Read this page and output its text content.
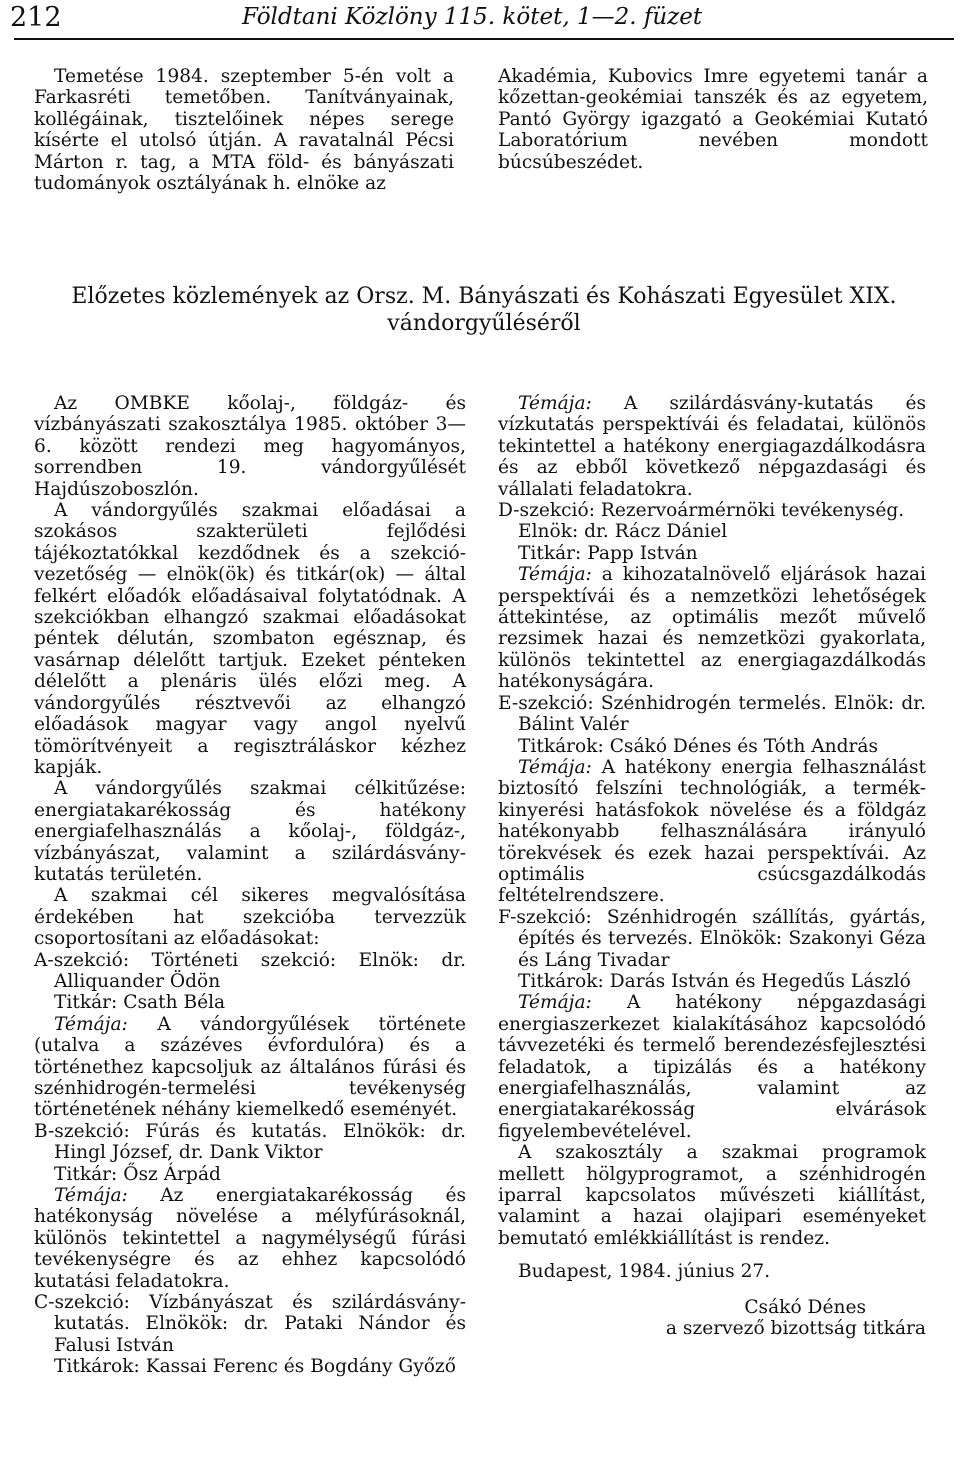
212	Földtani Közlöny 115. kötet, 1—2. füzet
Temetése 1984. szeptember 5-én volt a Farkasréti temetőben. Tanítványainak, kollégáinak, tisztelőinek népes serege kísérte el utolsó útján. A ravatalnál Pécsi Márton r. tag, a MTA föld- és bányászati tudományok osztályának h. elnöke az
Akadémia, Kubovics Imre egyetemi tanár a kőzettan-geokémiai tanszék és az egyetem, Pantó György igazgató a Geokémiai Kutató Laboratórium nevében mondott búcsúbeszédet.
Előzetes közlemények az Orsz. M. Bányászati és Kohászati Egyesület XIX.
vándorgyűléséről

Az OMBKE kőolaj-, földgáz- és vízbányászati szakosztálya 1985. október 3—6. között rendezi meg hagyományos, sorrendben 19. vándorgyűlését Hajdúszoboszlón.

A vándorgyűlés szakmai előadásai a szokásos szakterületi fejlődési tájékoztatókkal kezdődnek és a szekció-vezetőség — elnök(ök) és titkár(ok) — által felkért előadók előadásaival folytatódnak. A szekciókban elhangzó szakmai előadásokat péntek délután, szombaton egésznap, és vasárnap délelőtt tartjuk. Ezeket pénteken délelőtt a plenáris ülés előzi meg. A vándorgyűlés résztvevői az elhangzó előadások magyar vagy angol nyelvű tömörítvényeit a regisztráláskor kézhez kapják.

A vándorgyűlés szakmai célkitűzése: energiatakarékosság és hatékony energiafelhasználás a kőolaj-, földgáz-, vízbányászat, valamint a szilárdásvány-kutatás területén.

A szakmai cél sikeres megvalósítása érdekében hat szekcióba tervezzük csoportosítani az előadásokat:

A-szekció: Történeti szekció: Elnök: dr. Alliquander Ödön

Titkár: Csath Béla

Témája: A vándorgyűlések története (utalva a százéves évfordulóra) és a történethez kapcsoljuk az általános fúrási és szénhidrogén-termelési tevékenység történetének néhány kiemelkedő eseményét.

B-szekció: Fúrás és kutatás. Elnökök: dr. Hingl József, dr. Dank Viktor

Titkár: Ősz Árpád

Témája: Az energiatakarékosság és hatékonyság növelése a mélyfúrásoknál, különös tekintettel a nagymélységű fúrási tevékenységre és az ehhez kapcsolódó kutatási feladatokra.

C-szekció: Vízbányászat és szilárdásvány-kutatás. Elnökök: dr. Pataki Nándor és Falusi István

Titkárok: Kassai Ferenc és Bogdány Győző

Témája: A szilárdásvány-kutatás és vízkutatás perspektívái és feladatai, különös tekintettel a hatékony energiagazdálkodásra és az ebből következő népgazdasági és vállalati feladatokra.

D-szekció: Rezervoármérnöki tevékenység.

Elnök: dr. Rácz Dániel

Titkár: Papp István

Témája: a kihozatalnövelő eljárások hazai perspektívái és a nemzetközi lehetőségek áttekintése, az optimális mezőt művelő rezsimek hazai és nemzetközi gyakorlata, különös tekintettel az energiagazdálkodás hatékonyságára.

E-szekció: Szénhidrogén termelés. Elnök: dr. Bálint Valér

Titkárok: Csákó Dénes és Tóth András

Témája: A hatékony energia felhasználást biztosító felszíni technológiák, a termék-kinyerési hatásfokok növelése és a földgáz hatékonyabb felhasználására irányuló törekvések és ezek hazai perspektívái. Az optimális csúcsgazdálkodás feltételrendszere.

F-szekció: Szénhidrogén szállítás, gyártás, építés és tervezés. Elnökök: Szakonyi Géza és Láng Tivadar

Titkárok: Darás István és Hegedűs László

Témája: A hatékony népgazdasági energiaszerkezet kialakításához kapcsolódó távvezetéki és termelő berendezésfejlesztési feladatok, a tipizálás és a hatékony energiafelhasználás, valamint az energiatakarékosság elvárások figyelembevételével.

A szakosztály a szakmai programok mellett hölgyprogramot, a szénhidrogén iparral kapcsolatos művészeti kiállítást, valamint a hazai olajipari eseményeket bemutató emlékkiállítást is rendez.

Budapest, 1984. június 27.

Csákó Dénes

a szervező bizottság titkára
